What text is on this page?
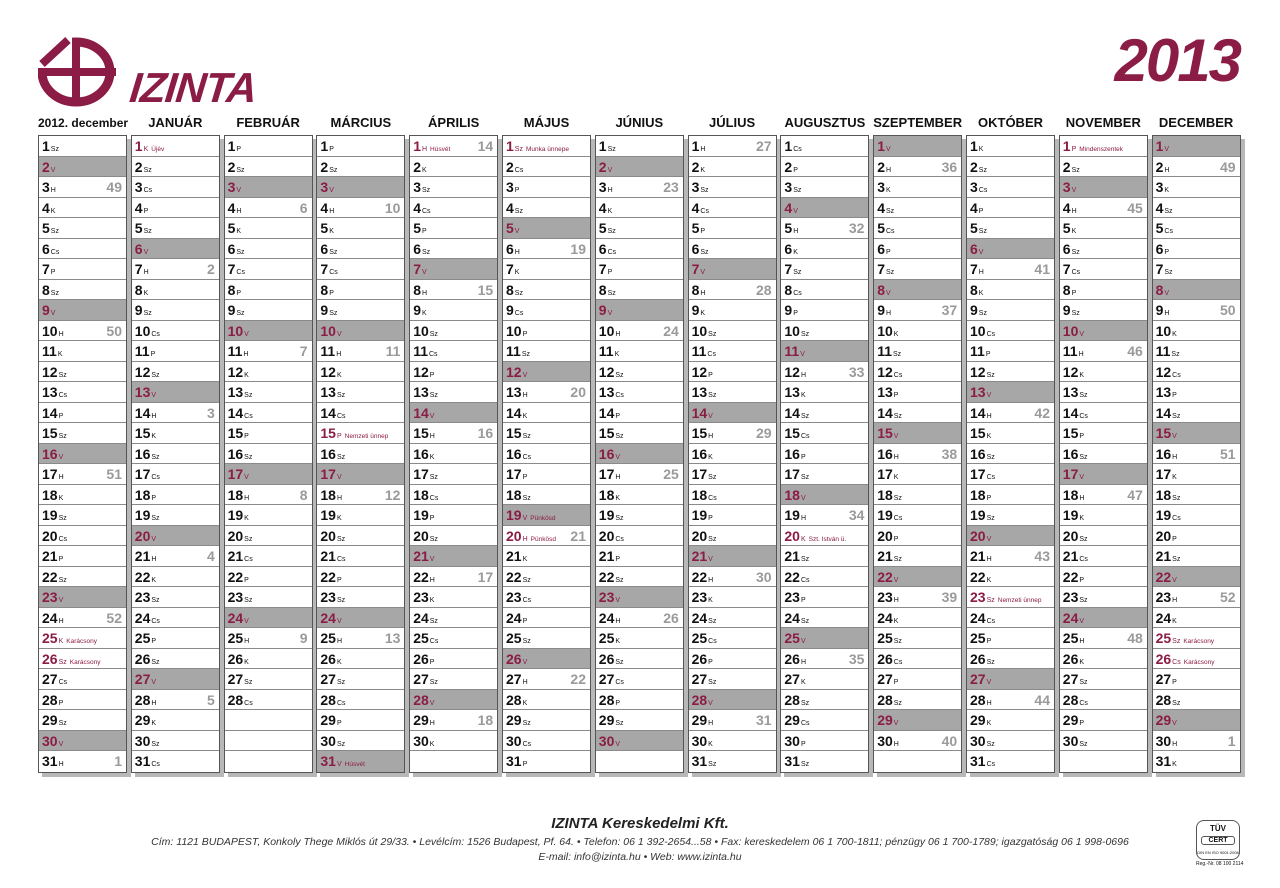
IZINTA	2013
2012. december
1Sz
2V
3H	49
4K
5Sz
6Cs
7P
8Sz
9V
10H	50
11K
12Sz
13Cs
14P
15Sz
16V
17H	51
18K
19Sz
20Cs
21P
22Sz
23V
24H	52
25K Karácsony
26Sz Karácsony
27Cs
28P
29Sz
30V
31H	1
JANUÁR
1K Újév
2Sz
3Cs
4P
5Sz
6V
7H	2
8K
9Sz
10Cs
11P
12Sz
13V
14H	3
15K
16Sz
17Cs
18P
19Sz
20V
21H	4
22K
23Sz
24Cs
25P
26Sz
27V
28H	5
29K
30Sz
31Cs
FEBRUÁR
1P
2Sz
3V
4H	6
5K
6Sz
7Cs
8P
9Sz
10V
11H	7
12K
13Sz
14Cs
15P
16Sz
17V
18H	8
19K
20Sz
21Cs
22P
23Sz
24V
25H	9
26K
27Sz
28Cs
MÁRCIUS
1P
2Sz
3V
4H	10
5K
6Sz
7Cs
8P
9Sz
10V
11H	11
12K
13Sz
14Cs
15P Nemzeti ünnep
16Sz
17V
18H	12
19K
20Sz
21Cs
22P
23Sz
24V
25H	13
26K
27Sz
28Cs
29P
30Sz
31V Húsvét
ÁPRILIS
1H Húsvét 14
2K
3Sz
4Cs
5P
6Sz
7V
8H	15
9K
10Sz
11Cs
12P
13Sz
14V
15H	16
16K
17Sz
18Cs
19P
20Sz
21V
22H	17
23K
24Sz
25Cs
26P
27Sz
28V
29H	18
30K
MÁJUS
1Sz Munka ünnepe
2Cs
3P
4Sz
5V
6H	19
7K
8Sz
9Cs
10P
11Sz
12V
13H	20
14K
15Sz
16Cs
17P
18Sz
19V Pünkösd
20H Pünkösd 21
21K
22Sz
23Cs
24P
25Sz
26V
27H	22
28K
29Sz
30Cs
31P
JÚNIUS
1Sz
2V
3H	23
4K
5Sz
6Cs
7P
8Sz
9V
10H	24
11K
12Sz
13Cs
14P
15Sz
16V
17H	25
18K
19Sz
20Cs
21P
22Sz
23V
24H	26
25K
26Sz
27Cs
28P
29Sz
30V
JÚLIUS
1H	27
2K
3Sz
4Cs
5P
6Sz
7V
8H	28
9K
10Sz
11Cs
12P
13Sz
14V
15H	29
16K
17Sz
18Cs
19P
20Sz
21V
22H	30
23K
24Sz
25Cs
26P
27Sz
28V
29H	31
30K
31Sz
AUGUSZTUS
1Cs
2P
3Sz
4V
5H	32
6K
7Sz
8Cs
9P
10Sz
11V
12H	33
13K
14Sz
15Cs
16P
17Sz
18V
19H	34
20K Szt. István ü.
21Sz
22Cs
23P
24Sz
25V
26H	35
27K
28Sz
29Cs
30P
31Sz
SZEPTEMBER
1V
2H	36
3K
4Sz
5Cs
6P
7Sz
8V
9H	37
10K
11Sz
12Cs
13P
14Sz
15V
16H	38
17K
18Sz
19Cs
20P
21Sz
22V
23H	39
24K
25Sz
26Cs
27P
28Sz
29V
30H	40
OKTÓBER
1K
2Sz
3Cs
4P
5Sz
6V
7H	41
8K
9Sz
10Cs
11P
12Sz
13V
14H	42
15K
16Sz
17Cs
18P
19Sz
20V
21H	43
22K
23Sz Nemzeti ünnep
24Cs
25P
26Sz
27V
28H	44
29K
30Sz
31Cs
NOVEMBER
1P Mindenszentek
2Sz
3V
4H	45
5K
6Sz
7Cs
8P
9Sz
10V
11H	46
12K
13Sz
14Cs
15P
16Sz
17V
18H	47
19K
20Sz
21Cs
22P
23Sz
24V
25H	48
26K
27Sz
28Cs
29P
30Sz
DECEMBER
1V
2H	49
3K
4Sz
5Cs
6P
7Sz
8V
9H	50
10K
11Sz
12Cs
13P
14Sz
15V
16H	51
17K
18Sz
19Cs
20P
21Sz
22V
23H	52
24K
25Sz Karácsony
26Cs Karácsony
27P
28Sz
29V
30H	1
31K
IZINTA Kereskedelmi Kft.
Cím: 1121 BUDAPEST, Konkoly Thege Miklós út 29/33. • Levélcím: 1526 Budapest, Pf. 64. • Telefon: 06 1 392-2654...58 • Fax: kereskedelem 06 1 700-1811; pénzügy 06 1 700-1789; igazgatóság 06 1 998-0696
E-mail: info@izinta.hu • Web: www.izinta.hu
TÜV
CERT
DIN EN ISO 9001:2008
Reg.-Nr. 08 100 2114
